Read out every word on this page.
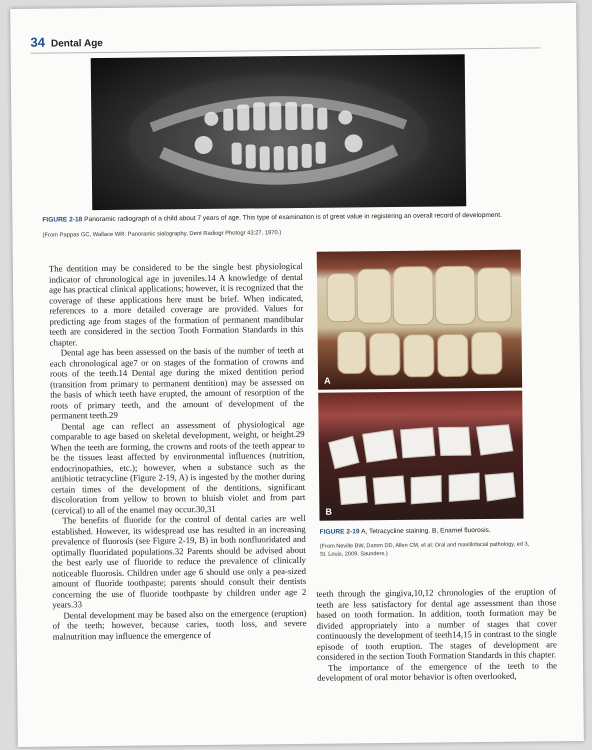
34 Dental Age
FIGURE 2-18 Panoramic radiograph of a child about 7 years of age. This type of examination is of great value in registering an overall record of development.
(From Pappas GC, Wallace WR: Panoramic sialography, Dent Radiogr Photogr 43:27, 1970.)

The dentition may be considered to be the single best physiological indicator of chronological age in juveniles.14 A knowledge of dental age has practical clinical applications; however, it is recognized that the coverage of these applications here must be brief. When indicated, references to a more detailed coverage are provided. Values for predicting age from stages of the formation of permanent mandibular teeth are considered in the section Tooth Formation Standards in this chapter.

Dental age has been assessed on the basis of the number of teeth at each chronological age7 or on stages of the formation of crowns and roots of the teeth.14 Dental age during the mixed dentition period (transition from primary to permanent dentition) may be assessed on the basis of which teeth have erupted, the amount of resorption of the roots of primary teeth, and the amount of development of the permanent teeth.29

Dental age can reflect an assessment of physiological age comparable to age based on skeletal development, weight, or height.29 When the teeth are forming, the crowns and roots of the teeth appear to be the tissues least affected by environmental influences (nutrition, endocrinopathies, etc.); however, when a substance such as the antibiotic tetracycline (Figure 2-19, A) is ingested by the mother during certain times of the development of the dentitions, significant discoloration from yellow to brown to bluish violet and from part (cervical) to all of the enamel may occur.30,31

The benefits of fluoride for the control of dental caries are well established. However, its widespread use has resulted in an increasing prevalence of fluorosis (see Figure 2-19, B) in both nonfluoridated and optimally fluoridated populations.32 Parents should be advised about the best early use of fluoride to reduce the prevalence of clinically noticeable fluorosis. Children under age 6 should use only a pea-sized amount of fluoride toothpaste; parents should consult their dentists concerning the use of fluoride toothpaste by children under age 2 years.33

Dental development may be based also on the emergence (eruption) of the teeth; however, because caries, tooth loss, and severe malnutrition may influence the emergence of

A
B
FIGURE 2-19 A, Tetracycline staining. B, Enamel fluorosis.
(From Neville BW, Damm DD, Allen CM, et al: Oral and maxillofacial pathology, ed 3, St. Louis, 2009, Saunders.)

teeth through the gingiva,10,12 chronologies of the eruption of teeth are less satisfactory for dental age assessment than those based on tooth formation. In addition, tooth formation may be divided appropriately into a number of stages that cover continuously the development of teeth14,15 in contrast to the single episode of tooth eruption. The stages of development are considered in the section Tooth Formation Standards in this chapter.

The importance of the emergence of the teeth to the development of oral motor behavior is often overlooked,
